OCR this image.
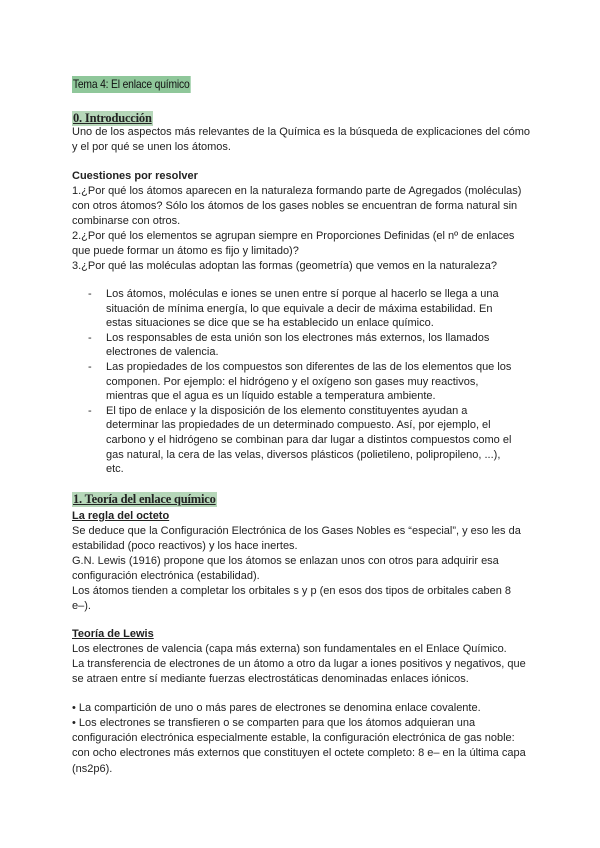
Tema 4: El enlace químico
0. Introducción

Uno de los aspectos más relevantes de la Química es la búsqueda de explicaciones del cómo y el por qué se unen los átomos.

Cuestiones por resolver

1.¿Por qué los átomos aparecen en la naturaleza formando parte de Agregados (moléculas) con otros átomos? Sólo los átomos de los gases nobles se encuentran de forma natural sin combinarse con otros.

2.¿Por qué los elementos se agrupan siempre en Proporciones Definidas (el nº de enlaces que puede formar un átomo es fijo y limitado)?

3.¿Por qué las moléculas adoptan las formas (geometría) que vemos en la naturaleza?

- Los átomos, moléculas e iones se unen entre sí porque al hacerlo se llega a una situación de mínima energía, lo que equivale a decir de máxima estabilidad. En estas situaciones se dice que se ha establecido un enlace químico.
- Los responsables de esta unión son los electrones más externos, los llamados electrones de valencia.
- Las propiedades de los compuestos son diferentes de las de los elementos que los componen. Por ejemplo: el hidrógeno y el oxígeno son gases muy reactivos, mientras que el agua es un líquido estable a temperatura ambiente.
- El tipo de enlace y la disposición de los elemento constituyentes ayudan a determinar las propiedades de un determinado compuesto. Así, por ejemplo, el carbono y el hidrógeno se combinan para dar lugar a distintos compuestos como el gas natural, la cera de las velas, diversos plásticos (polietileno, polipropileno, ...), etc.
1. Teoría del enlace químico
La regla del octeto

Se deduce que la Configuración Electrónica de los Gases Nobles es “especial”, y eso les da estabilidad (poco reactivos) y los hace inertes.

G.N. Lewis (1916) propone que los átomos se enlazan unos con otros para adquirir esa configuración electrónica (estabilidad).

Los átomos tienden a completar los orbitales s y p (en esos dos tipos de orbitales caben 8 e–).

Teoría de Lewis

Los electrones de valencia (capa más externa) son fundamentales en el Enlace Químico.

La transferencia de electrones de un átomo a otro da lugar a iones positivos y negativos, que se atraen entre sí mediante fuerzas electrostáticas denominadas enlaces iónicos.

• La compartición de uno o más pares de electrones se denomina enlace covalente.

• Los electrones se transfieren o se comparten para que los átomos adquieran una configuración electrónica especialmente estable, la configuración electrónica de gas noble: con ocho electrones más externos que constituyen el octete completo: 8 e– en la última capa (ns2p6).
